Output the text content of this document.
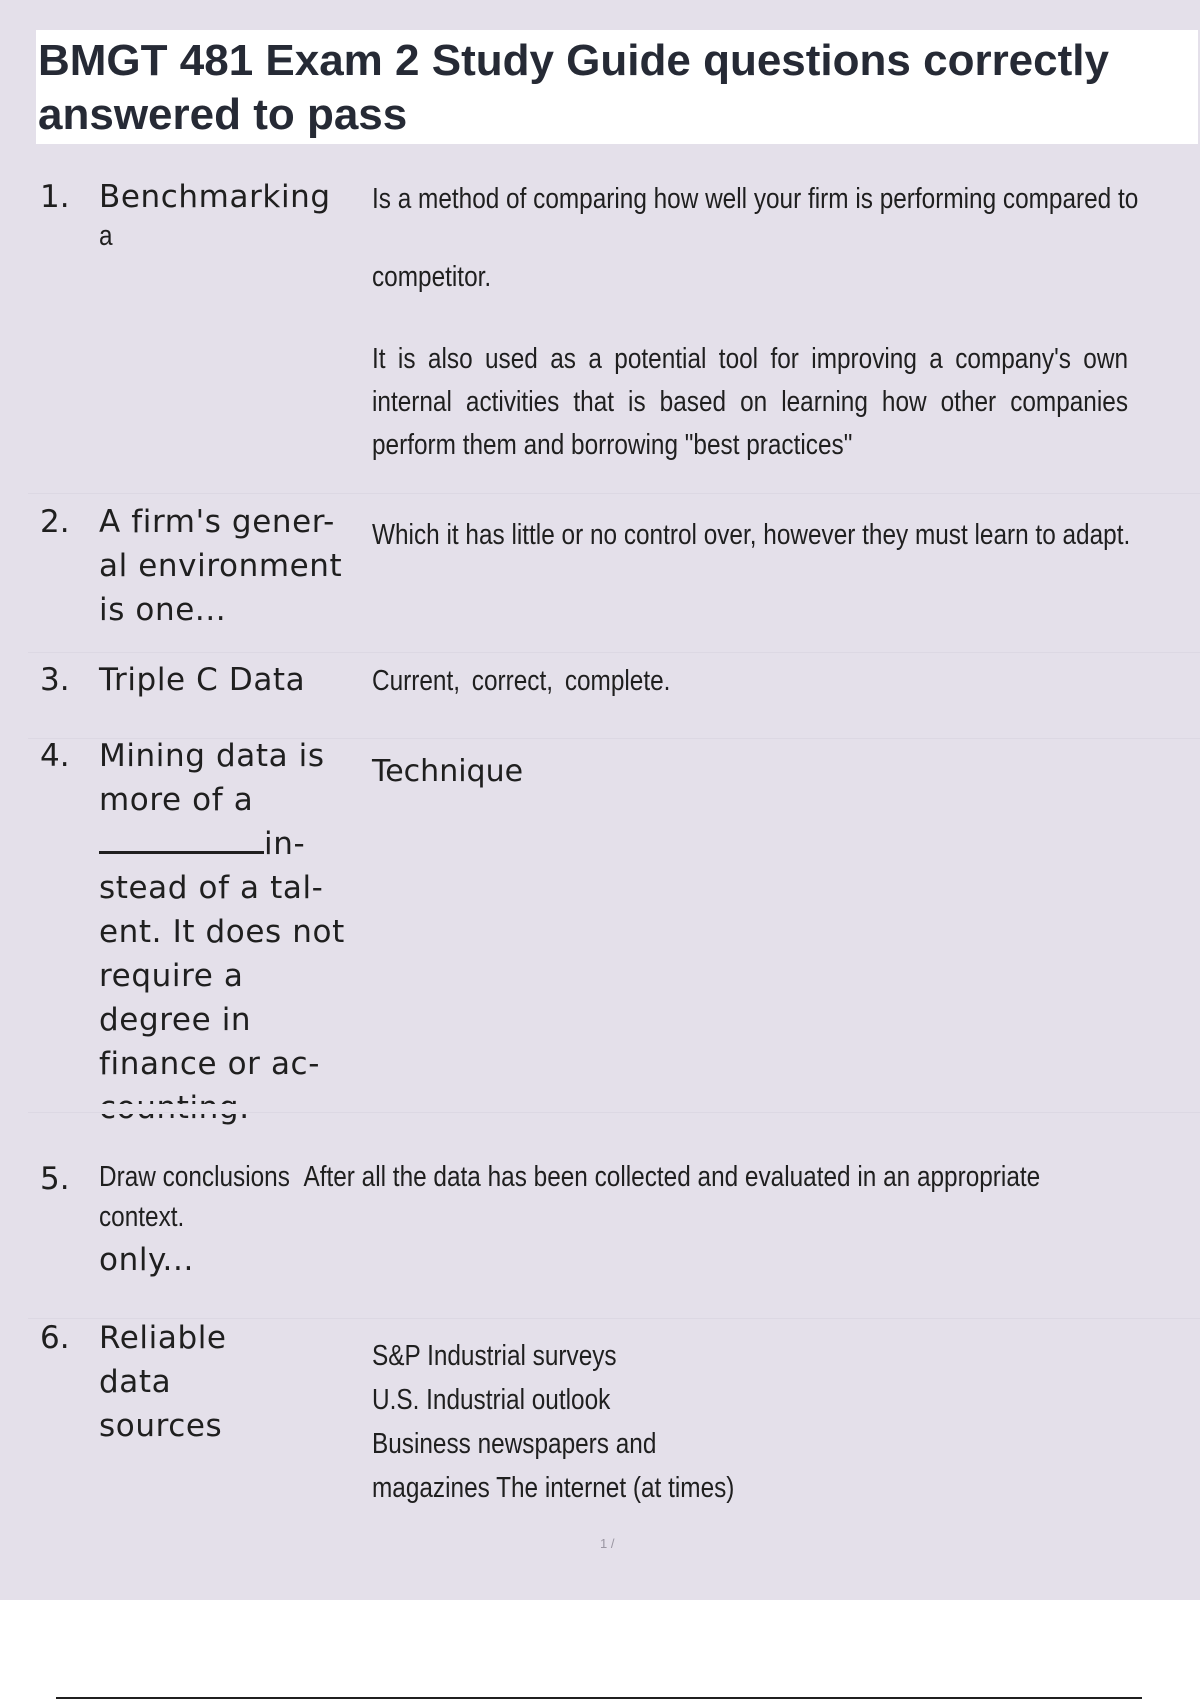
BMGT 481 Exam 2 Study Guide questions correctly answered to pass
1. Benchmarking
a

Is a method of comparing how well your firm is performing compared to

competitor.

It is also used as a potential tool for improving a company's own internal activities that is based on learning how other companies perform them and borrowing "best practices"

2. A firm's gener- al environment is one...
Which it has little or no control over, however they must learn to adapt.
3. Triple C Data	Current, correct, complete.
4. Mining data is more of a in- stead of a tal- ent. It does not require a degree in finance or ac-
Technique
5.	Draw conclusions After all the data has been collected and evaluated in an appropriate
context.
only...
6. Reliable data sources

S&P Industrial surveys

U.S. Industrial outlook

Business newspapers and

magazines The internet (at times)

1 /
